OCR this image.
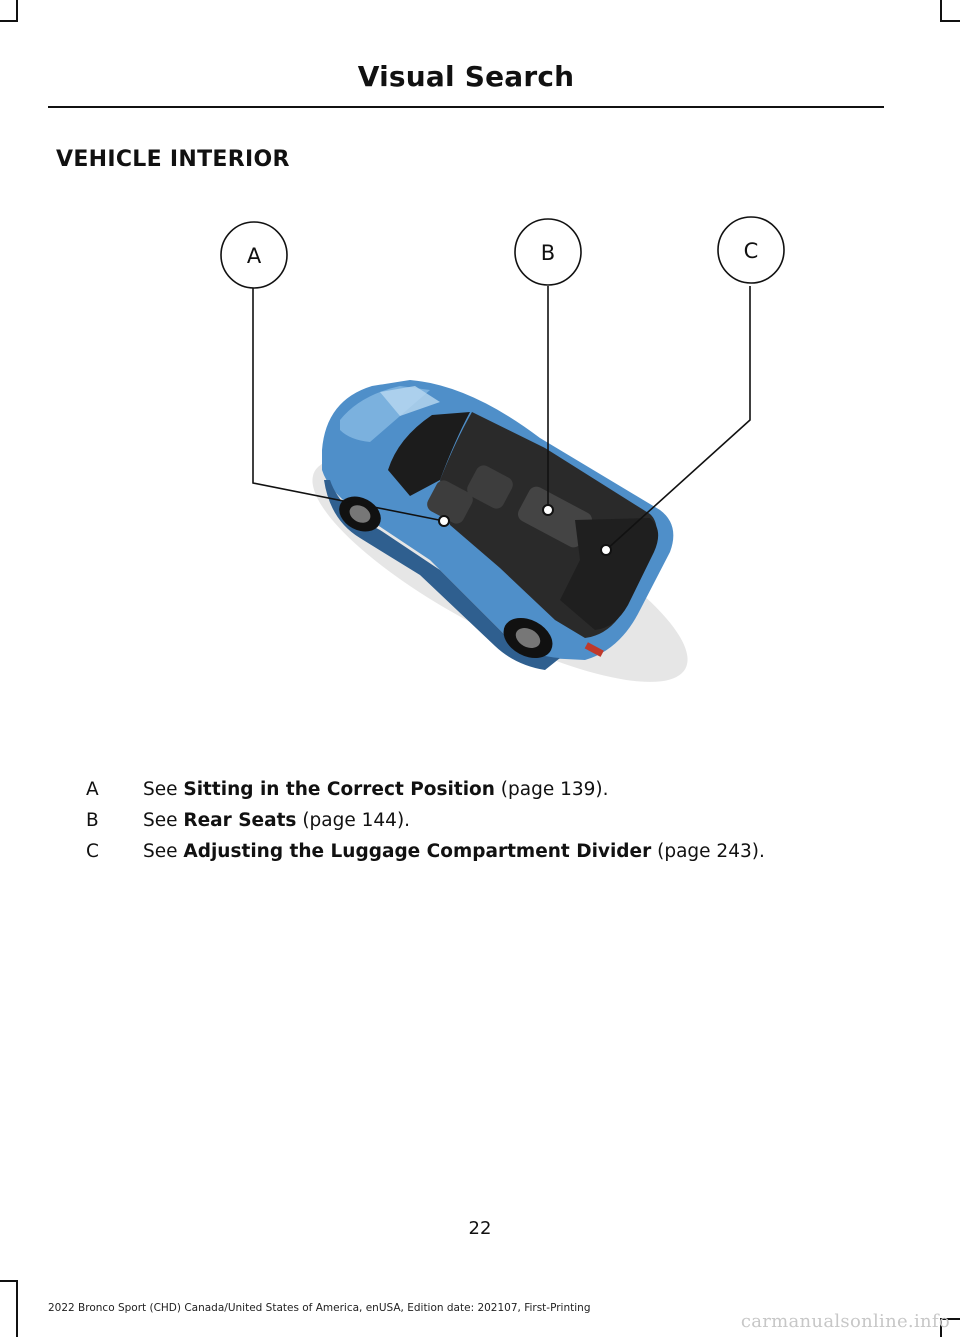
Visual Search
VEHICLE INTERIOR
A	B	C
A	See Sitting in the Correct Position (page 139).
B	See Rear Seats (page 144).
C	See Adjusting the Luggage Compartment Divider (page 243).
22
2022 Bronco Sport (CHD) Canada/United States of America, enUSA, Edition date: 202107, First-Printing
carmanualsonline.info
